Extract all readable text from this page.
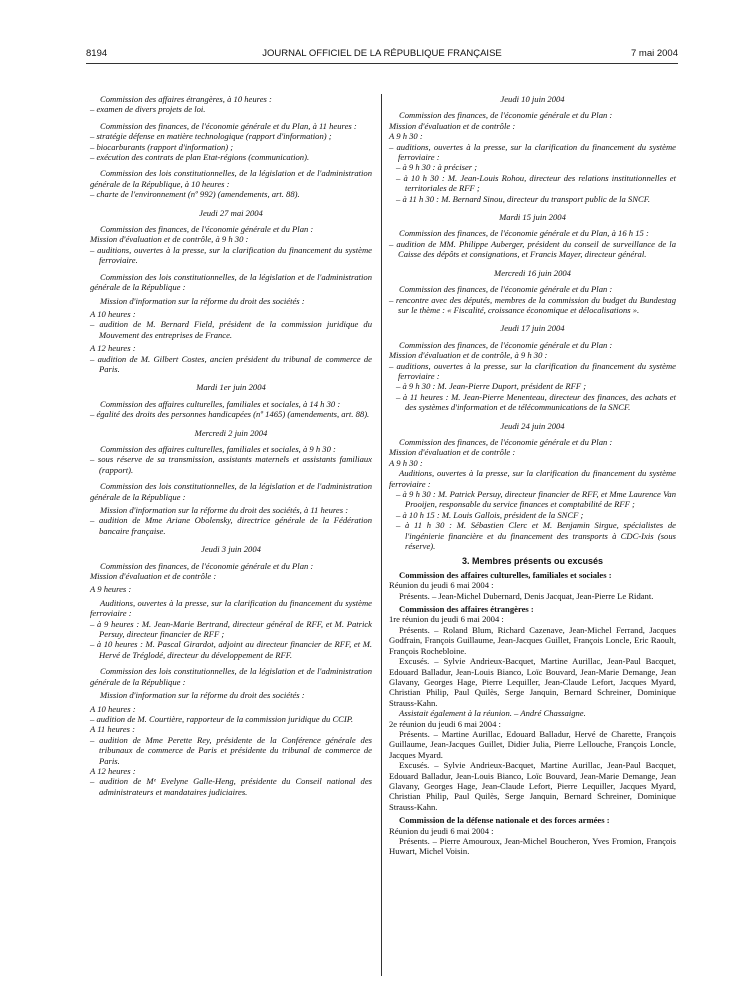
8194	JOURNAL OFFICIEL DE LA RÉPUBLIQUE FRANÇAISE	7 mai 2004

Commission des affaires étrangères, à 10 heures :

– examen de divers projets de loi.

Commission des finances, de l'économie générale et du Plan, à 11 heures :

– stratégie défense en matière technologique (rapport d'information) ;

– biocarburants (rapport d'information) ;

– exécution des contrats de plan Etat-régions (communication).

Commission des lois constitutionnelles, de la législation et de l'administration générale de la République, à 10 heures :

– charte de l'environnement (nº 992) (amendements, art. 88).

Jeudi 27 mai 2004

Commission des finances, de l'économie générale et du Plan :

Mission d'évaluation et de contrôle, à 9 h 30 :

– auditions, ouvertes à la presse, sur la clarification du financement du système ferroviaire.

Commission des lois constitutionnelles, de la législation et de l'administration générale de la République :

Mission d'information sur la réforme du droit des sociétés :

A 10 heures :

– audition de M. Bernard Field, président de la commission juridique du Mouvement des entreprises de France.

A 12 heures :

– audition de M. Gilbert Costes, ancien président du tribunal de commerce de Paris.

Mardi 1er juin 2004

Commission des affaires culturelles, familiales et sociales, à 14 h 30 :

– égalité des droits des personnes handicapées (nº 1465) (amendements, art. 88).

Mercredi 2 juin 2004

Commission des affaires culturelles, familiales et sociales, à 9 h 30 :

– sous réserve de sa transmission, assistants maternels et assistants familiaux (rapport).

Commission des lois constitutionnelles, de la législation et de l'administration générale de la République :

Mission d'information sur la réforme du droit des sociétés, à 11 heures :

– audition de Mme Ariane Obolensky, directrice générale de la Fédération bancaire française.

Jeudi 3 juin 2004

Commission des finances, de l'économie générale et du Plan :

Mission d'évaluation et de contrôle :

A 9 heures :

Auditions, ouvertes à la presse, sur la clarification du financement du système ferroviaire :

– à 9 heures : M. Jean-Marie Bertrand, directeur général de RFF, et M. Patrick Persuy, directeur financier de RFF ;

– à 10 heures : M. Pascal Girardot, adjoint au directeur financier de RFF, et M. Hervé de Tréglodé, directeur du développement de RFF.

Commission des lois constitutionnelles, de la législation et de l'administration générale de la République :

Mission d'information sur la réforme du droit des sociétés :

A 10 heures :

– audition de M. Courtière, rapporteur de la commission juridique du CCIP.

A 11 heures :

– audition de Mme Perette Rey, présidente de la Conférence générale des tribunaux de commerce de Paris et présidente du tribunal de commerce de Paris.

A 12 heures :

– audition de Mᵉ Evelyne Galle-Heng, présidente du Conseil national des administrateurs et mandataires judiciaires.

Jeudi 10 juin 2004

Commission des finances, de l'économie générale et du Plan :

Mission d'évaluation et de contrôle :

A 9 h 30 :

– auditions, ouvertes à la presse, sur la clarification du financement du système ferroviaire :

– à 9 h 30 : à préciser ;

– à 10 h 30 : M. Jean-Louis Rohou, directeur des relations institutionnelles et territoriales de RFF ;

– à 11 h 30 : M. Bernard Sinou, directeur du transport public de la SNCF.

Mardi 15 juin 2004

Commission des finances, de l'économie générale et du Plan, à 16 h 15 :

– audition de MM. Philippe Auberger, président du conseil de surveillance de la Caisse des dépôts et consignations, et Francis Mayer, directeur général.

Mercredi 16 juin 2004

Commission des finances, de l'économie générale et du Plan :

– rencontre avec des députés, membres de la commission du budget du Bundestag sur le thème : « Fiscalité, croissance économique et délocalisations ».

Jeudi 17 juin 2004

Commission des finances, de l'économie générale et du Plan :

Mission d'évaluation et de contrôle, à 9 h 30 :

– auditions, ouvertes à la presse, sur la clarification du financement du système ferroviaire :

– à 9 h 30 : M. Jean-Pierre Duport, président de RFF ;

– à 11 heures : M. Jean-Pierre Menenteau, directeur des finances, des achats et des systèmes d'information et de télécommunications de la SNCF.

Jeudi 24 juin 2004

Commission des finances, de l'économie générale et du Plan :

Mission d'évaluation et de contrôle :

A 9 h 30 :

Auditions, ouvertes à la presse, sur la clarification du financement du système ferroviaire :

– à 9 h 30 : M. Patrick Persuy, directeur financier de RFF, et Mme Laurence Van Prooijen, responsable du service finances et comptabilité de RFF ;

– à 10 h 15 : M. Louis Gallois, président de la SNCF ;

– à 11 h 30 : M. Sébastien Clerc et M. Benjamin Sirgue, spécialistes de l'ingénierie financière et du financement des transports à CDC-Ixis (sous réserve).

3. Membres présents ou excusés

Commission des affaires culturelles, familiales et sociales :

Réunion du jeudi 6 mai 2004 :

Présents. – Jean-Michel Dubernard, Denis Jacquat, Jean-Pierre Le Ridant.

Commission des affaires étrangères :

1re réunion du jeudi 6 mai 2004 :

Présents. – Roland Blum, Richard Cazenave, Jean-Michel Ferrand, Jacques Godfrain, François Guillaume, Jean-Jacques Guillet, François Loncle, Eric Raoult, François Rochebloine.

Excusés. – Sylvie Andrieux-Bacquet, Martine Aurillac, Jean-Paul Bacquet, Edouard Balladur, Jean-Louis Bianco, Loïc Bouvard, Jean-Marie Demange, Jean Glavany, Georges Hage, Pierre Lequiller, Jean-Claude Lefort, Jacques Myard, Christian Philip, Paul Quilès, Serge Janquin, Bernard Schreiner, Dominique Strauss-Kahn.

Assistait également à la réunion. – André Chassaigne.

2e réunion du jeudi 6 mai 2004 :

Présents. – Martine Aurillac, Edouard Balladur, Hervé de Charette, François Guillaume, Jean-Jacques Guillet, Didier Julia, Pierre Lellouche, François Loncle, Jacques Myard.

Excusés. – Sylvie Andrieux-Bacquet, Martine Aurillac, Jean-Paul Bacquet, Edouard Balladur, Jean-Louis Bianco, Loïc Bouvard, Jean-Marie Demange, Jean Glavany, Georges Hage, Jean-Claude Lefort, Pierre Lequiller, Jacques Myard, Christian Philip, Paul Quilès, Serge Janquin, Bernard Schreiner, Dominique Strauss-Kahn.

Commission de la défense nationale et des forces armées :

Réunion du jeudi 6 mai 2004 :

Présents. – Pierre Amouroux, Jean-Michel Boucheron, Yves Fromion, François Huwart, Michel Voisin.
